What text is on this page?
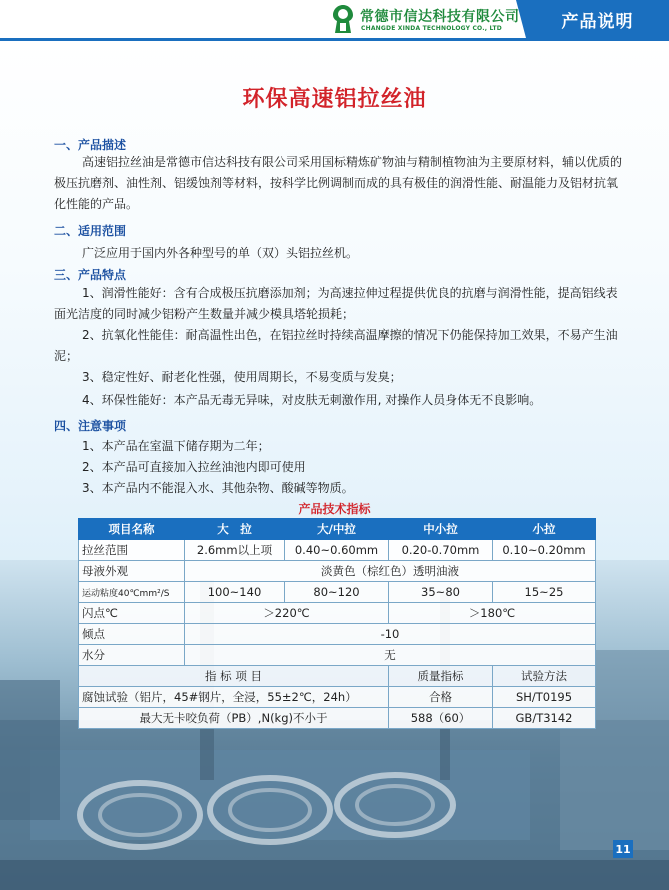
常德市信达科技有限公司
CHANGDE XINDA TECHNOLOGY CO., LTD	产品说明
环保高速铝拉丝油
一、产品描述
高速铝拉丝油是常德市信达科技有限公司采用国标精炼矿物油与精制植物油为主要原材料，辅以优质的极压抗磨剂、油性剂、铝缓蚀剂等材料，按科学比例调制而成的具有极佳的润滑性能、耐温能力及铝材抗氧化性能的产品。
二、适用范围
广泛应用于国内外各种型号的单（双）头铝拉丝机。
三、产品特点
1、润滑性能好：含有合成极压抗磨添加剂；为高速拉伸过程提供优良的抗磨与润滑性能，提高铝线表面光洁度的同时减少铝粉产生数量并减少模具塔轮损耗；
2、抗氧化性能佳：耐高温性出色，在铝拉丝时持续高温摩擦的情况下仍能保持加工效果，不易产生油泥；
3、稳定性好、耐老化性强，使用周期长，不易变质与发臭；
4、环保性能好：本产品无毒无异味，对皮肤无刺激作用, 对操作人员身体无不良影响。
四、注意事项
1、本产品在室温下储存期为二年；
2、本产品可直接加入拉丝油池内即可使用
3、本产品内不能混入水、其他杂物、酸碱等物质。
产品技术指标
项目名称	大　拉	大/中拉	中小拉	小拉
拉丝范围	2.6mm以上项	0.40~0.60mm	0.20-0.70mm	0.10~0.20mm
母液外观	淡黄色（棕红色）透明油液			
运动粘度40℃mm²/S	100~140	80~120	35~80	15~25
闪点℃	＞220℃		＞180℃	
倾点	-10			
水分	无			
指 标 项 目			质量指标	试验方法
腐蚀试验（铝片，45#钢片，全浸，55±2℃，24h）			合格	SH/T0195
最大无卡咬负荷（PB）,N(kg)不小于			588（60）	GB/T3142
11
